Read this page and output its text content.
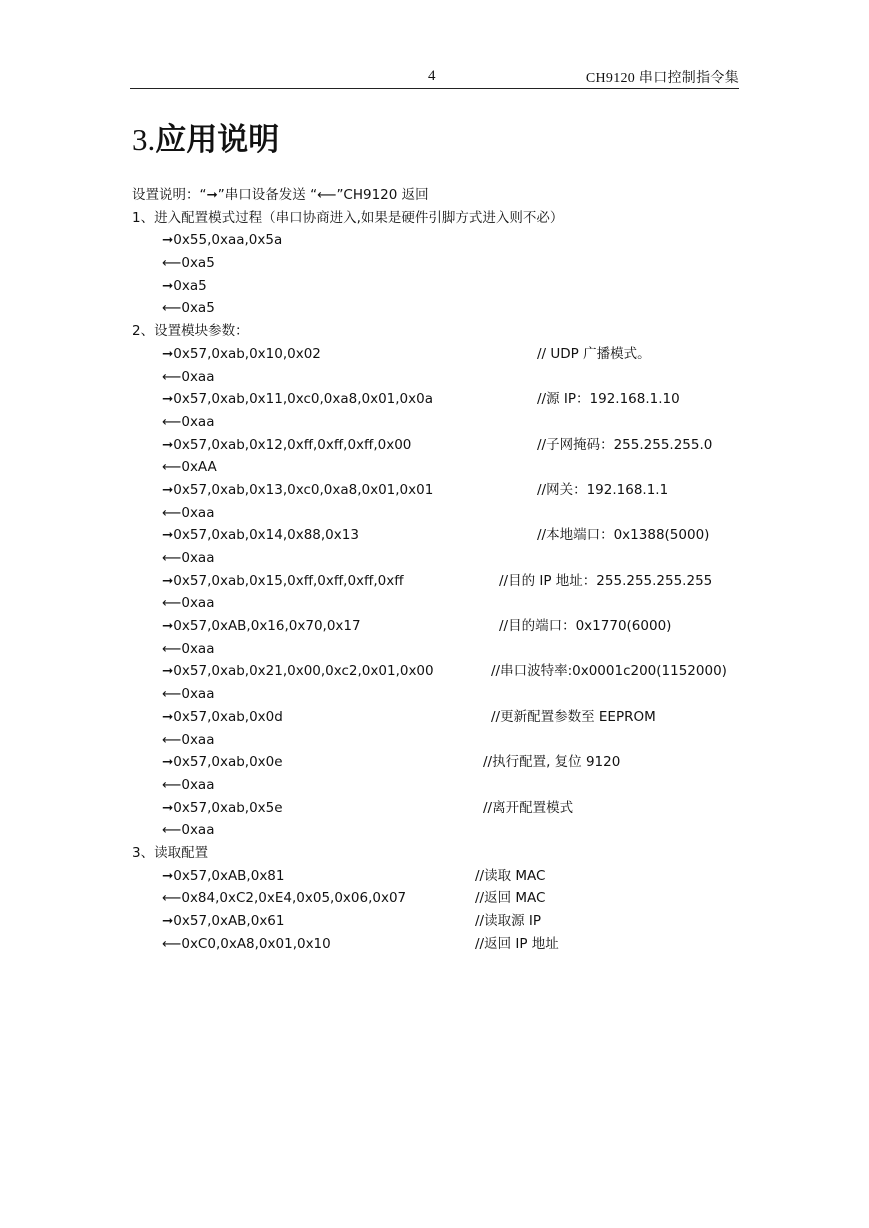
4	CH9120 串口控制指令集
3.应用说明
设置说明：“➞”串口设备发送 “⟵”CH9120 返回
1、进入配置模式过程（串口协商进入,如果是硬件引脚方式进入则不必）
➞0x55,0xaa,0x5a
⟵0xa5
➞0xa5
⟵0xa5
2、设置模块参数：
➞0x57,0xab,0x10,0x02	// UDP 广播模式。
⟵0xaa
➞0x57,0xab,0x11,0xc0,0xa8,0x01,0x0a	//源 IP：192.168.1.10
⟵0xaa
➞0x57,0xab,0x12,0xff,0xff,0xff,0x00	//子网掩码：255.255.255.0
⟵0xAA
➞0x57,0xab,0x13,0xc0,0xa8,0x01,0x01	//网关：192.168.1.1
⟵0xaa
➞0x57,0xab,0x14,0x88,0x13	//本地端口：0x1388(5000)
⟵0xaa
➞0x57,0xab,0x15,0xff,0xff,0xff,0xff	//目的 IP 地址：255.255.255.255
⟵0xaa
➞0x57,0xAB,0x16,0x70,0x17	//目的端口：0x1770(6000)
⟵0xaa
➞0x57,0xab,0x21,0x00,0xc2,0x01,0x00	//串口波特率:0x0001c200(1152000)
⟵0xaa
➞0x57,0xab,0x0d	//更新配置参数至 EEPROM
⟵0xaa
➞0x57,0xab,0x0e	//执行配置, 复位 9120
⟵0xaa
➞0x57,0xab,0x5e	//离开配置模式
⟵0xaa
3、读取配置
➞0x57,0xAB,0x81	//读取 MAC
⟵0x84,0xC2,0xE4,0x05,0x06,0x07	//返回 MAC
➞0x57,0xAB,0x61	//读取源 IP
⟵0xC0,0xA8,0x01,0x10	//返回 IP 地址
